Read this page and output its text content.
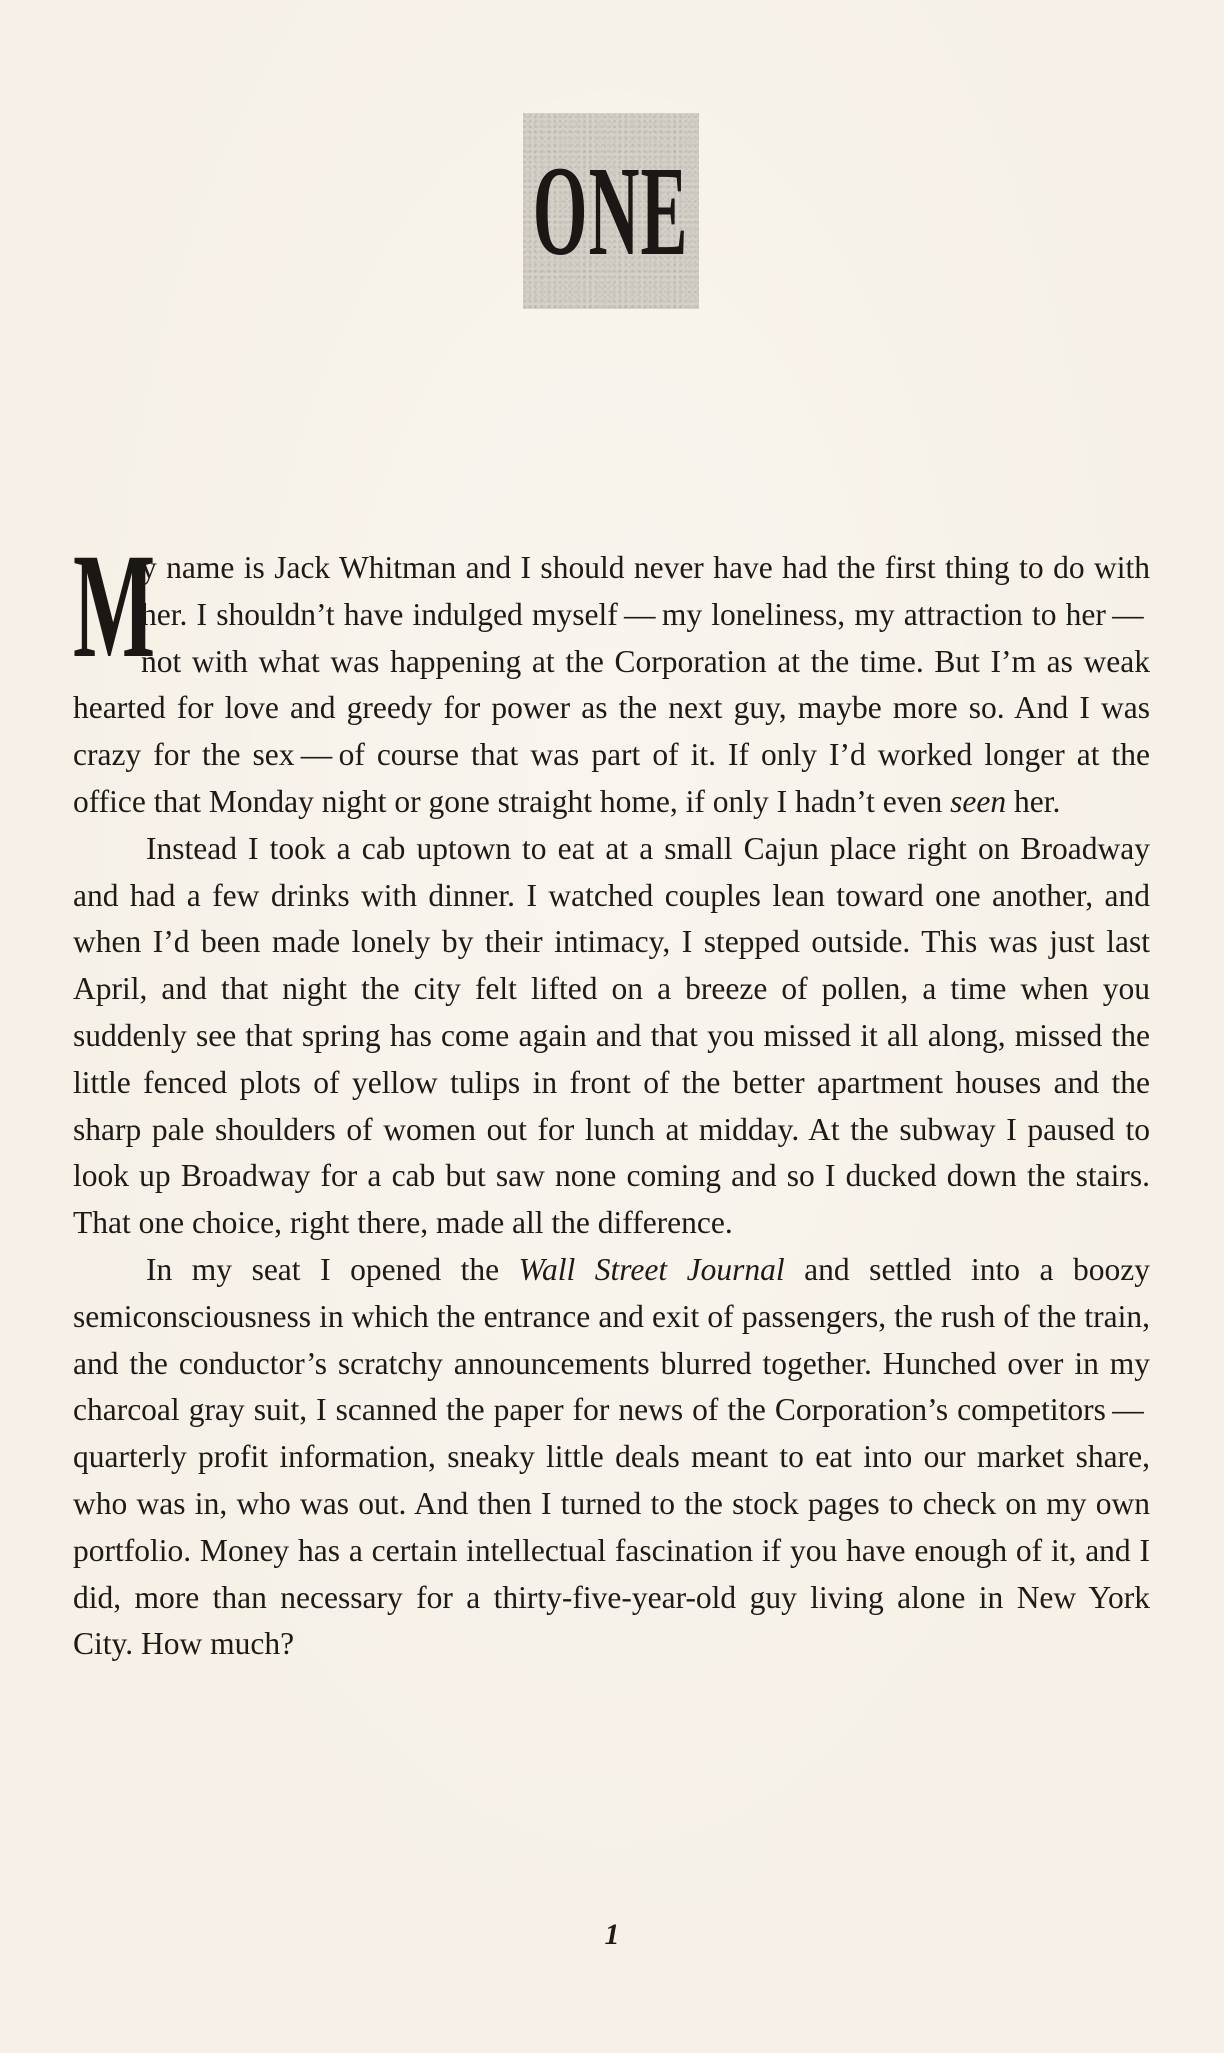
ONE

M
y name is Jack Whitman and I should never have had the first thing to do with her. I shouldn’t have indulged myself — my loneliness, my attraction to her — not with what was happening at the Corporation at the time. But I’m as weak hearted for love and greedy for power as the next guy, maybe more so. And I was crazy for the sex — of course that was part of it. If only I’d worked longer at the office that Monday night or gone straight home, if only I hadn’t even seen her.

Instead I took a cab uptown to eat at a small Cajun place right on Broadway and had a few drinks with dinner. I watched couples lean toward one another, and when I’d been made lonely by their intimacy, I stepped outside. This was just last April, and that night the city felt lifted on a breeze of pollen, a time when you suddenly see that spring has come again and that you missed it all along, missed the little fenced plots of yellow tulips in front of the better apartment houses and the sharp pale shoulders of women out for lunch at midday. At the subway I paused to look up Broadway for a cab but saw none coming and so I ducked down the stairs. That one choice, right there, made all the difference.

In my seat I opened the Wall Street Journal and settled into a boozy semiconsciousness in which the entrance and exit of passengers, the rush of the train, and the conductor’s scratchy announcements blurred together. Hunched over in my charcoal gray suit, I scanned the paper for news of the Corporation’s competitors — quarterly profit information, sneaky little deals meant to eat into our market share, who was in, who was out. And then I turned to the stock pages to check on my own portfolio. Money has a certain intellectual fascination if you have enough of it, and I did, more than necessary for a thirty-five-year-old guy living alone in New York City. How much?

1
